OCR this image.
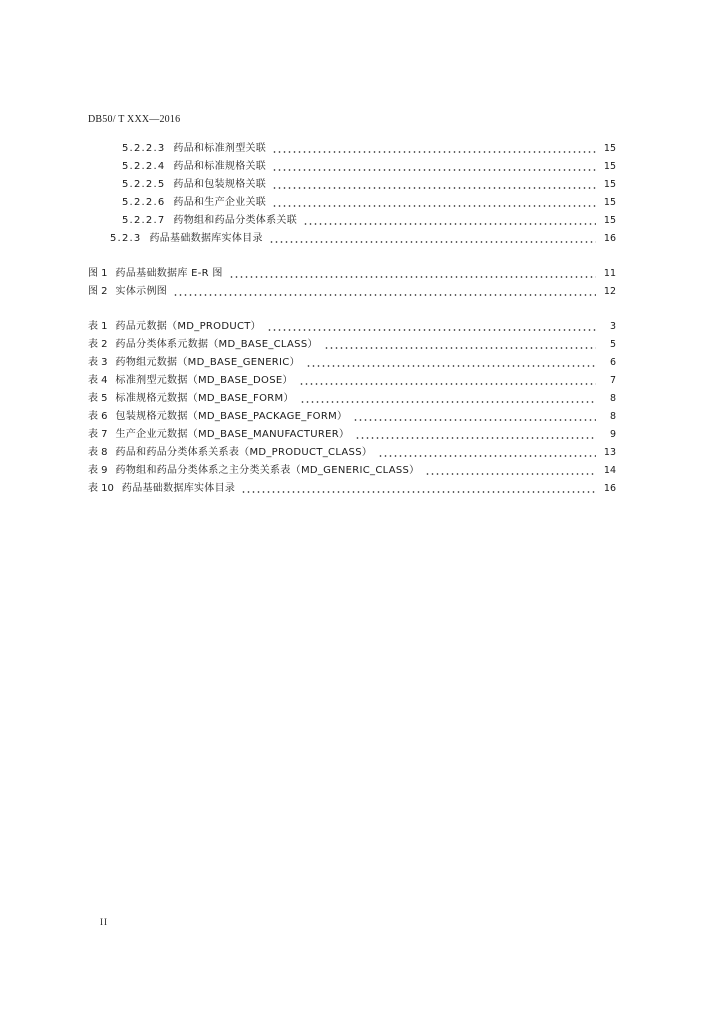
DB50/ T XXX—2016
5.2.2.3 药品和标准剂型关联	15
5.2.2.4 药品和标准规格关联	15
5.2.2.5 药品和包装规格关联	15
5.2.2.6 药品和生产企业关联	15
5.2.2.7 药物组和药品分类体系关联	15
5.2.3 药品基础数据库实体目录	16
图 1 药品基础数据库 E-R 图	11
图 2 实体示例图	12
表 1 药品元数据（MD_PRODUCT）	3
表 2 药品分类体系元数据（MD_BASE_CLASS）	5
表 3 药物组元数据（MD_BASE_GENERIC）	6
表 4 标准剂型元数据（MD_BASE_DOSE）	7
表 5 标准规格元数据（MD_BASE_FORM）	8
表 6 包装规格元数据（MD_BASE_PACKAGE_FORM）	8
表 7 生产企业元数据（MD_BASE_MANUFACTURER）	9
表 8 药品和药品分类体系关系表（MD_PRODUCT_CLASS）	13
表 9 药物组和药品分类体系之主分类关系表（MD_GENERIC_CLASS）	14
表 10 药品基础数据库实体目录	16
II
